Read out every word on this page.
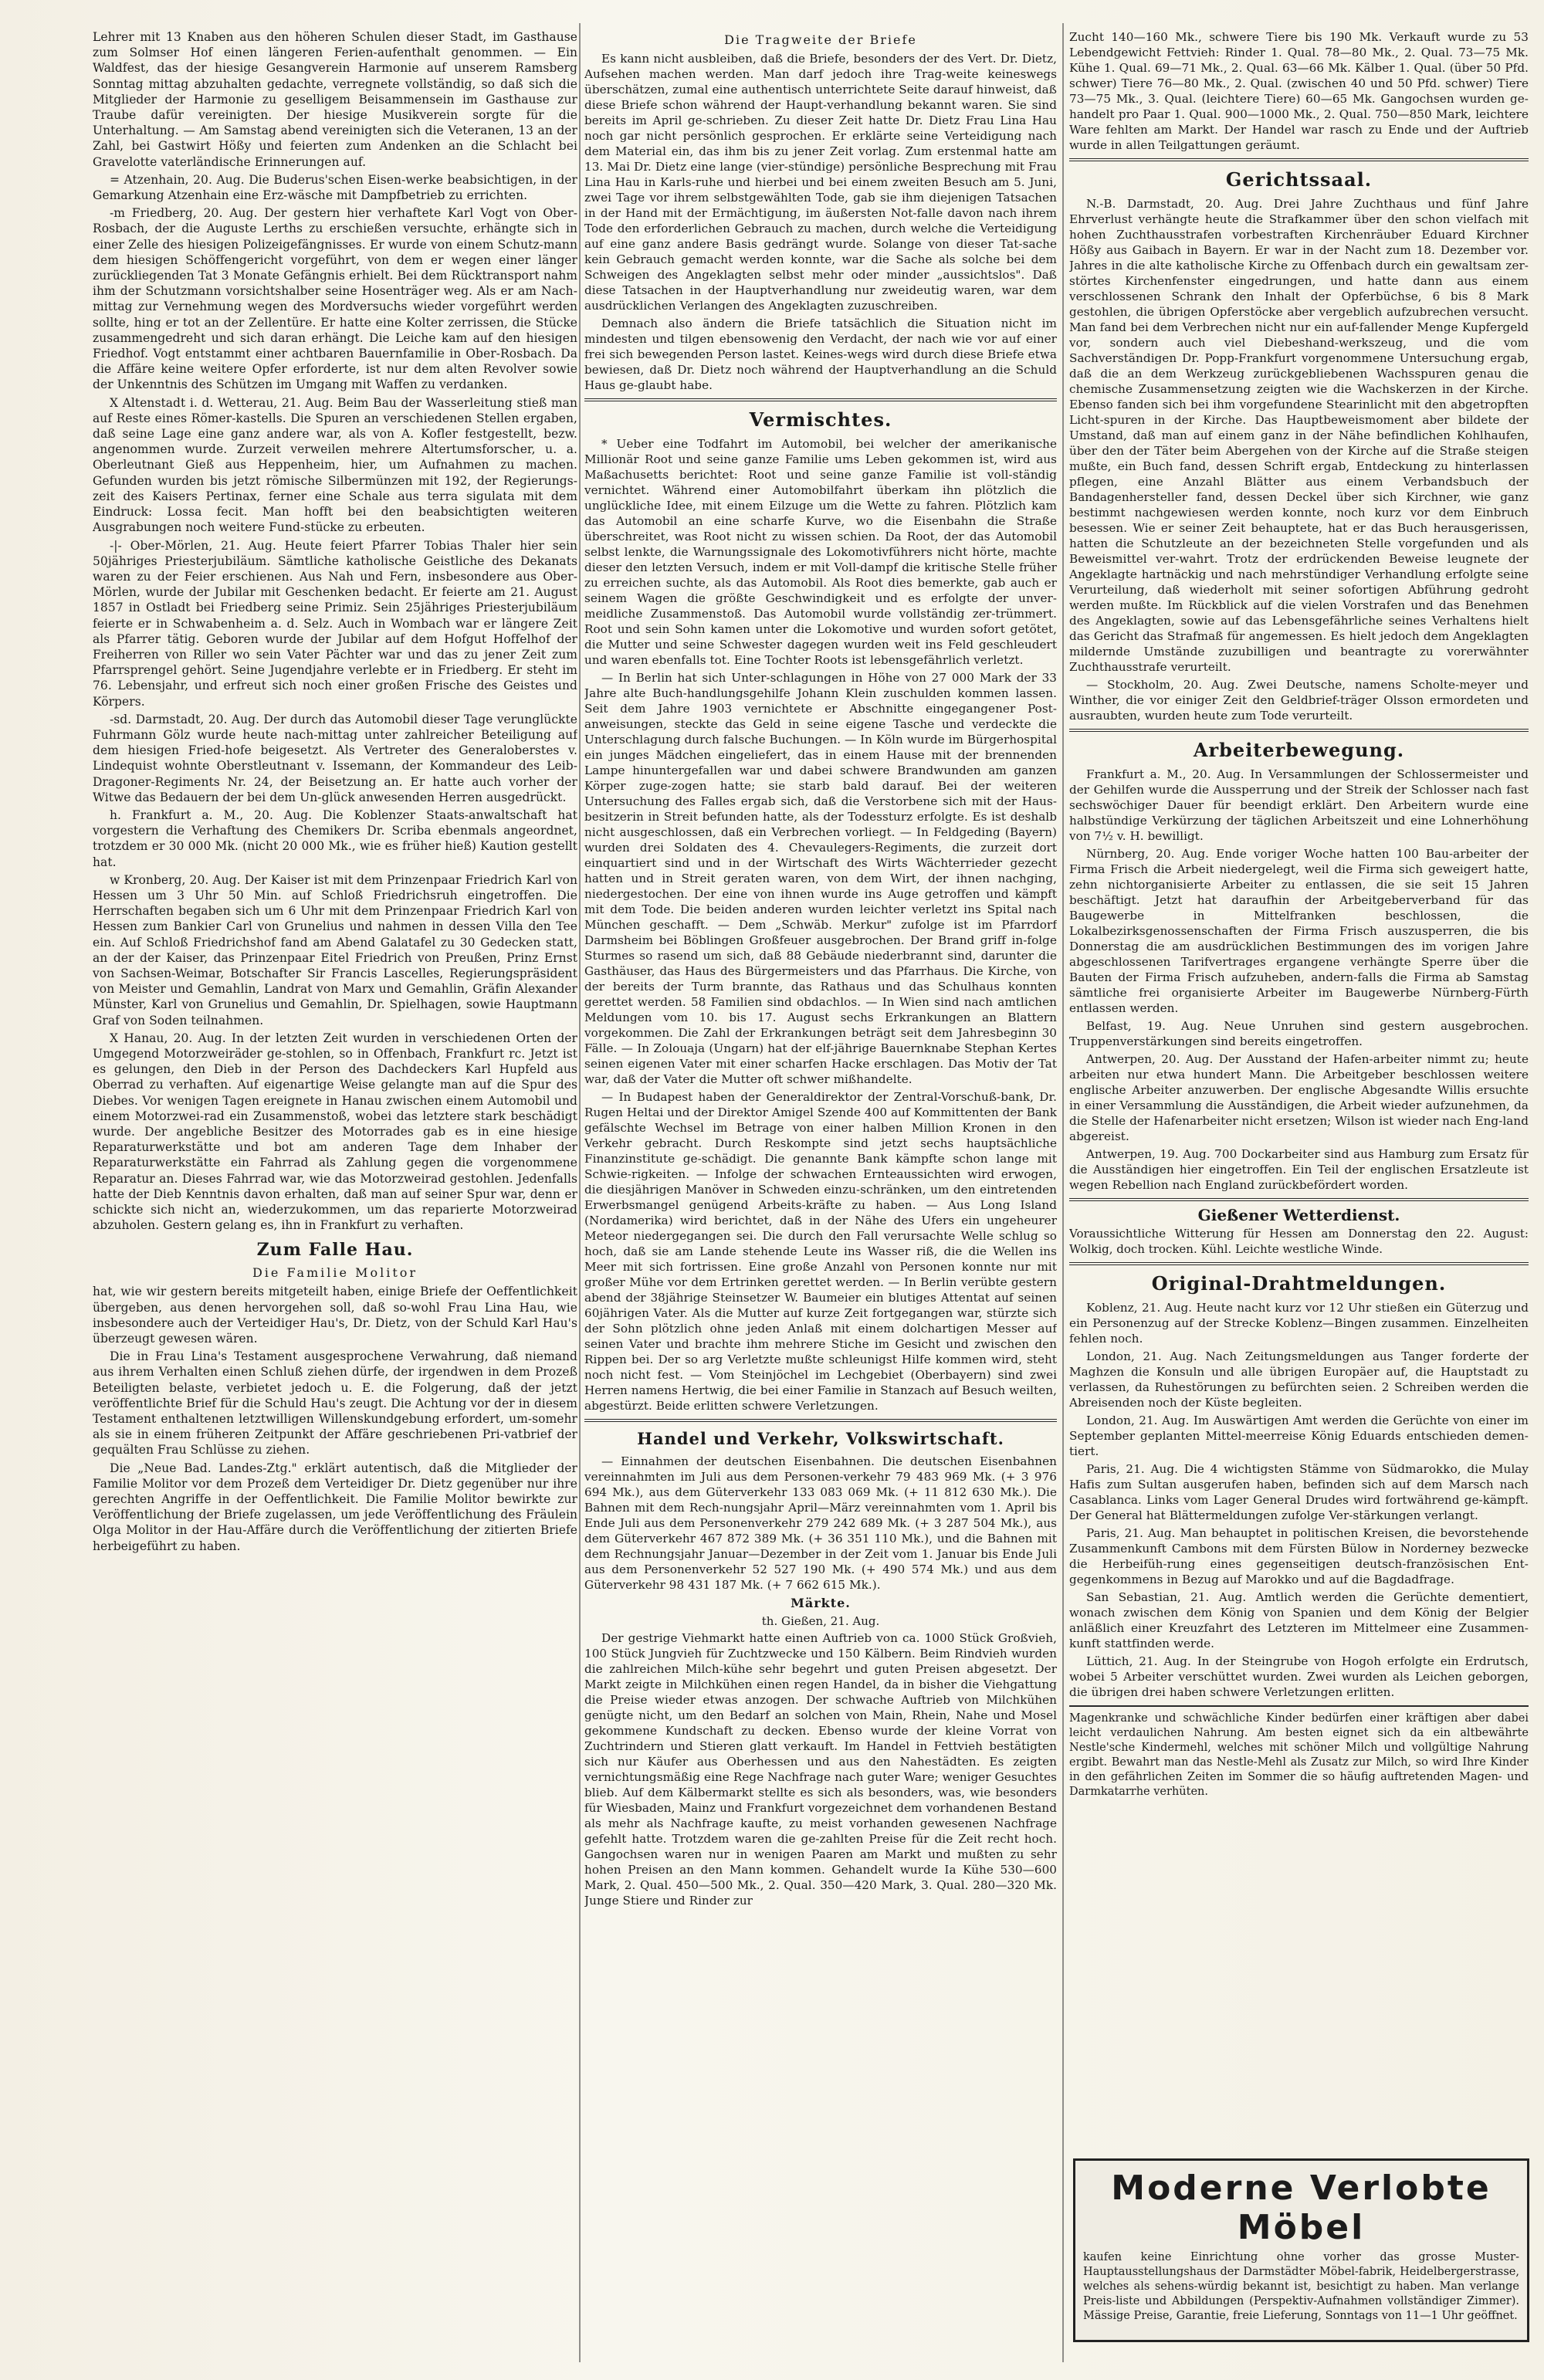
Lehrer mit 13 Knaben aus den höheren Schulen dieser Stadt, im Gasthause zum Solmser Hof einen längeren Ferien-aufenthalt genommen. — Ein Waldfest, das der hiesige Gesangverein Harmonie auf unserem Ramsberg Sonntag mittag abzuhalten gedachte, verregnete vollständig, so daß sich die Mitglieder der Harmonie zu geselligem Beisammensein im Gasthause zur Traube dafür vereinigten. Der hiesige Musikverein sorgte für die Unterhaltung. — Am Samstag abend vereinigten sich die Veteranen, 13 an der Zahl, bei Gastwirt Hößy und feierten zum Andenken an die Schlacht bei Gravelotte vaterländische Erinnerungen auf.

= Atzenhain, 20. Aug. Die Buderus'schen Eisen-werke beabsichtigen, in der Gemarkung Atzenhain eine Erz-wäsche mit Dampfbetrieb zu errichten.

-m Friedberg, 20. Aug. Der gestern hier verhaftete Karl Vogt von Ober-Rosbach, der die Auguste Lerths zu erschießen versuchte, erhängte sich in einer Zelle des hiesigen Polizeigefängnisses. Er wurde von einem Schutz-mann dem hiesigen Schöffengericht vorgeführt, von dem er wegen einer länger zurückliegenden Tat 3 Monate Gefängnis erhielt. Bei dem Rücktransport nahm ihm der Schutzmann vorsichtshalber seine Hosenträger weg. Als er am Nach-mittag zur Vernehmung wegen des Mordversuchs wieder vorgeführt werden sollte, hing er tot an der Zellentüre. Er hatte eine Kolter zerrissen, die Stücke zusammengedreht und sich daran erhängt. Die Leiche kam auf den hiesigen Friedhof. Vogt entstammt einer achtbaren Bauernfamilie in Ober-Rosbach. Da die Affäre keine weitere Opfer erforderte, ist nur dem alten Revolver sowie der Unkenntnis des Schützen im Umgang mit Waffen zu verdanken.

X Altenstadt i. d. Wetterau, 21. Aug. Beim Bau der Wasserleitung stieß man auf Reste eines Römer-kastells. Die Spuren an verschiedenen Stellen ergaben, daß seine Lage eine ganz andere war, als von A. Kofler festgestellt, bezw. angenommen wurde. Zurzeit verweilen mehrere Altertumsforscher, u. a. Oberleutnant Gieß aus Heppenheim, hier, um Aufnahmen zu machen. Gefunden wurden bis jetzt römische Silbermünzen mit 192, der Regierungs-zeit des Kaisers Pertinax, ferner eine Schale aus terra sigulata mit dem Eindruck: Lossa fecit. Man hofft bei den beabsichtigten weiteren Ausgrabungen noch weitere Fund-stücke zu erbeuten.

-|- Ober-Mörlen, 21. Aug. Heute feiert Pfarrer Tobias Thaler hier sein 50jähriges Priesterjubiläum. Sämtliche katholische Geistliche des Dekanats waren zu der Feier erschienen. Aus Nah und Fern, insbesondere aus Ober-Mörlen, wurde der Jubilar mit Geschenken bedacht. Er feierte am 21. August 1857 in Ostladt bei Friedberg seine Primiz. Sein 25jähriges Priesterjubiläum feierte er in Schwabenheim a. d. Selz. Auch in Wombach war er längere Zeit als Pfarrer tätig. Geboren wurde der Jubilar auf dem Hofgut Hoffelhof der Freiherren von Riller wo sein Vater Pächter war und das zu jener Zeit zum Pfarrsprengel gehört. Seine Jugendjahre verlebte er in Friedberg. Er steht im 76. Lebensjahr, und erfreut sich noch einer großen Frische des Geistes und Körpers.

-sd. Darmstadt, 20. Aug. Der durch das Automobil dieser Tage verunglückte Fuhrmann Gölz wurde heute nach-mittag unter zahlreicher Beteiligung auf dem hiesigen Fried-hofe beigesetzt. Als Vertreter des Generaloberstes v. Lindequist wohnte Oberstleutnant v. Issemann, der Kommandeur des Leib-Dragoner-Regiments Nr. 24, der Beisetzung an. Er hatte auch vorher der Witwe das Bedauern der bei dem Un-glück anwesenden Herren ausgedrückt.

h. Frankfurt a. M., 20. Aug. Die Koblenzer Staats-anwaltschaft hat vorgestern die Verhaftung des Chemikers Dr. Scriba ebenmals angeordnet, trotzdem er 30 000 Mk. (nicht 20 000 Mk., wie es früher hieß) Kaution gestellt hat.

w Kronberg, 20. Aug. Der Kaiser ist mit dem Prinzenpaar Friedrich Karl von Hessen um 3 Uhr 50 Min. auf Schloß Friedrichsruh eingetroffen. Die Herrschaften begaben sich um 6 Uhr mit dem Prinzenpaar Friedrich Karl von Hessen zum Bankier Carl von Grunelius und nahmen in dessen Villa den Tee ein. Auf Schloß Friedrichshof fand am Abend Galatafel zu 30 Gedecken statt, an der der Kaiser, das Prinzenpaar Eitel Friedrich von Preußen, Prinz Ernst von Sachsen-Weimar, Botschafter Sir Francis Lascelles, Regierungspräsident von Meister und Gemahlin, Landrat von Marx und Gemahlin, Gräfin Alexander Münster, Karl von Grunelius und Gemahlin, Dr. Spielhagen, sowie Hauptmann Graf von Soden teilnahmen.

X Hanau, 20. Aug. In der letzten Zeit wurden in verschiedenen Orten der Umgegend Motorzweiräder ge-stohlen, so in Offenbach, Frankfurt rc. Jetzt ist es gelungen, den Dieb in der Person des Dachdeckers Karl Hupfeld aus Oberrad zu verhaften. Auf eigenartige Weise gelangte man auf die Spur des Diebes. Vor wenigen Tagen ereignete in Hanau zwischen einem Automobil und einem Motorzwei-rad ein Zusammenstoß, wobei das letztere stark beschädigt wurde. Der angebliche Besitzer des Motorrades gab es in eine hiesige Reparaturwerkstätte und bot am anderen Tage dem Inhaber der Reparaturwerkstätte ein Fahrrad als Zahlung gegen die vorgenommene Reparatur an. Dieses Fahrrad war, wie das Motorzweirad gestohlen. Jedenfalls hatte der Dieb Kenntnis davon erhalten, daß man auf seiner Spur war, denn er schickte sich nicht an, wiederzukommen, um das reparierte Motorzweirad abzuholen. Gestern gelang es, ihn in Frankfurt zu verhaften.

Zum Falle Hau.
Die Familie Molitor

hat, wie wir gestern bereits mitgeteilt haben, einige Briefe der Oeffentlichkeit übergeben, aus denen hervorgehen soll, daß so-wohl Frau Lina Hau, wie insbesondere auch der Verteidiger Hau's, Dr. Dietz, von der Schuld Karl Hau's überzeugt gewesen wären.

Die in Frau Lina's Testament ausgesprochene Verwahrung, daß niemand aus ihrem Verhalten einen Schluß ziehen dürfe, der irgendwen in dem Prozeß Beteiligten belaste, verbietet jedoch u. E. die Folgerung, daß der jetzt veröffentlichte Brief für die Schuld Hau's zeugt. Die Achtung vor der in diesem Testament enthaltenen letztwilligen Willenskundgebung erfordert, um-somehr als sie in einem früheren Zeitpunkt der Affäre geschriebenen Pri-vatbrief der gequälten Frau Schlüsse zu ziehen.

Die „Neue Bad. Landes-Ztg." erklärt autentisch, daß die Mitglieder der Familie Molitor vor dem Prozeß dem Verteidiger Dr. Dietz gegenüber nur ihre gerechten Angriffe in der Oeffentlichkeit. Die Familie Molitor bewirkte zur Veröffentlichung der Briefe zugelassen, um jede Veröffentlichung des Fräulein Olga Molitor in der Hau-Affäre durch die Veröffentlichung der zitierten Briefe herbeigeführt zu haben.

Die Tragweite der Briefe

Es kann nicht ausbleiben, daß die Briefe, besonders der des Vert. Dr. Dietz, Aufsehen machen werden. Man darf jedoch ihre Trag-weite keineswegs überschätzen, zumal eine authentisch unterrichtete Seite darauf hinweist, daß diese Briefe schon während der Haupt-verhandlung bekannt waren. Sie sind bereits im April ge-schrieben. Zu dieser Zeit hatte Dr. Dietz Frau Lina Hau noch gar nicht persönlich gesprochen. Er erklärte seine Verteidigung nach dem Material ein, das ihm bis zu jener Zeit vorlag. Zum erstenmal hatte am 13. Mai Dr. Dietz eine lange (vier-stündige) persönliche Besprechung mit Frau Lina Hau in Karls-ruhe und hierbei und bei einem zweiten Besuch am 5. Juni, zwei Tage vor ihrem selbstgewählten Tode, gab sie ihm diejenigen Tatsachen in der Hand mit der Ermächtigung, im äußersten Not-falle davon nach ihrem Tode den erforderlichen Gebrauch zu machen, durch welche die Verteidigung auf eine ganz andere Basis gedrängt wurde. Solange von dieser Tat-sache kein Gebrauch gemacht werden konnte, war die Sache als solche bei dem Schweigen des Angeklagten selbst mehr oder minder „aussichtslos". Daß diese Tatsachen in der Hauptverhandlung nur zweideutig waren, war dem ausdrücklichen Verlangen des Angeklagten zuzuschreiben.

Demnach also ändern die Briefe tatsächlich die Situation nicht im mindesten und tilgen ebensowenig den Verdacht, der nach wie vor auf einer frei sich bewegenden Person lastet. Keines-wegs wird durch diese Briefe etwa bewiesen, daß Dr. Dietz noch während der Hauptverhandlung an die Schuld Haus ge-glaubt habe.

Vermischtes.

* Ueber eine Todfahrt im Automobil, bei welcher der amerikanische Millionär Root und seine ganze Familie ums Leben gekommen ist, wird aus Maßachusetts berichtet: Root und seine ganze Familie ist voll-ständig vernichtet. Während einer Automobilfahrt überkam ihn plötzlich die unglückliche Idee, mit einem Eilzuge um die Wette zu fahren. Plötzlich kam das Automobil an eine scharfe Kurve, wo die Eisenbahn die Straße überschreitet, was Root nicht zu wissen schien. Da Root, der das Automobil selbst lenkte, die Warnungssignale des Lokomotivführers nicht hörte, machte dieser den letzten Versuch, indem er mit Voll-dampf die kritische Stelle früher zu erreichen suchte, als das Automobil. Als Root dies bemerkte, gab auch er seinem Wagen die größte Geschwindigkeit und es erfolgte der unver-meidliche Zusammenstoß. Das Automobil wurde vollständig zer-trümmert. Root und sein Sohn kamen unter die Lokomotive und wurden sofort getötet, die Mutter und seine Schwester dagegen wurden weit ins Feld geschleudert und waren ebenfalls tot. Eine Tochter Roots ist lebensgefährlich verletzt.

— In Berlin hat sich Unter-schlagungen in Höhe von 27 000 Mark der 33 Jahre alte Buch-handlungsgehilfe Johann Klein zuschulden kommen lassen. Seit dem Jahre 1903 vernichtete er Abschnitte eingegangener Post-anweisungen, steckte das Geld in seine eigene Tasche und verdeckte die Unterschlagung durch falsche Buchungen. — In Köln wurde im Bürgerhospital ein junges Mädchen eingeliefert, das in einem Hause mit der brennenden Lampe hinuntergefallen war und dabei schwere Brandwunden am ganzen Körper zuge-zogen hatte; sie starb bald darauf. Bei der weiteren Untersuchung des Falles ergab sich, daß die Verstorbene sich mit der Haus-besitzerin in Streit befunden hatte, als der Todessturz erfolgte. Es ist deshalb nicht ausgeschlossen, daß ein Verbrechen vorliegt. — In Feldgeding (Bayern) wurden drei Soldaten des 4. Chevaulegers-Regiments, die zurzeit dort einquartiert sind und in der Wirtschaft des Wirts Wächterrieder gezecht hatten und in Streit geraten waren, von dem Wirt, der ihnen nachging, niedergestochen. Der eine von ihnen wurde ins Auge getroffen und kämpft mit dem Tode. Die beiden anderen wurden leichter verletzt ins Spital nach München geschafft. — Dem „Schwäb. Merkur" zufolge ist im Pfarrdorf Darmsheim bei Böblingen Großfeuer ausgebrochen. Der Brand griff in-folge Sturmes so rasend um sich, daß 88 Gebäude niederbrannt sind, darunter die Gasthäuser, das Haus des Bürgermeisters und das Pfarrhaus. Die Kirche, von der bereits der Turm brannte, das Rathaus und das Schulhaus konnten gerettet werden. 58 Familien sind obdachlos. — In Wien sind nach amtlichen Meldungen vom 10. bis 17. August sechs Erkrankungen an Blattern vorgekommen. Die Zahl der Erkrankungen beträgt seit dem Jahresbeginn 30 Fälle. — In Zolouaja (Ungarn) hat der elf-jährige Bauernknabe Stephan Kertes seinen eigenen Vater mit einer scharfen Hacke erschlagen. Das Motiv der Tat war, daß der Vater die Mutter oft schwer mißhandelte.

— In Budapest haben der Generaldirektor der Zentral-Vorschuß-bank, Dr. Rugen Heltai und der Direktor Amigel Szende 400 auf Kommittenten der Bank gefälschte Wechsel im Betrage von einer halben Million Kronen in den Verkehr gebracht. Durch Reskompte sind jetzt sechs hauptsächliche Finanzinstitute ge-schädigt. Die genannte Bank kämpfte schon lange mit Schwie-rigkeiten. — Infolge der schwachen Ernteaussichten wird erwogen, die diesjährigen Manöver in Schweden einzu-schränken, um den eintretenden Erwerbsmangel genügend Arbeits-kräfte zu haben. — Aus Long Island (Nordamerika) wird berichtet, daß in der Nähe des Ufers ein ungeheurer Meteor niedergegangen sei. Die durch den Fall verursachte Welle schlug so hoch, daß sie am Lande stehende Leute ins Wasser riß, die die Wellen ins Meer mit sich fortrissen. Eine große Anzahl von Personen konnte nur mit großer Mühe vor dem Ertrinken gerettet werden. — In Berlin verübte gestern abend der 38jährige Steinsetzer W. Baumeier ein blutiges Attentat auf seinen 60jährigen Vater. Als die Mutter auf kurze Zeit fortgegangen war, stürzte sich der Sohn plötzlich ohne jeden Anlaß mit einem dolchartigen Messer auf seinen Vater und brachte ihm mehrere Stiche im Gesicht und zwischen den Rippen bei. Der so arg Verletzte mußte schleunigst Hilfe kommen wird, steht noch nicht fest. — Vom Steinjöchel im Lechgebiet (Oberbayern) sind zwei Herren namens Hertwig, die bei einer Familie in Stanzach auf Besuch weilten, abgestürzt. Beide erlitten schwere Verletzungen.

Handel und Verkehr, Volkswirtschaft.

— Einnahmen der deutschen Eisenbahnen. Die deutschen Eisenbahnen vereinnahmten im Juli aus dem Personen-verkehr 79 483 969 Mk. (+ 3 976 694 Mk.), aus dem Güterverkehr 133 083 069 Mk. (+ 11 812 630 Mk.). Die Bahnen mit dem Rech-nungsjahr April—März vereinnahmten vom 1. April bis Ende Juli aus dem Personenverkehr 279 242 689 Mk. (+ 3 287 504 Mk.), aus dem Güterverkehr 467 872 389 Mk. (+ 36 351 110 Mk.), und die Bahnen mit dem Rechnungsjahr Januar—Dezember in der Zeit vom 1. Januar bis Ende Juli aus dem Personenverkehr 52 527 190 Mk. (+ 490 574 Mk.) und aus dem Güterverkehr 98 431 187 Mk. (+ 7 662 615 Mk.).

Märkte.
th. Gießen, 21. Aug.

Der gestrige Viehmarkt hatte einen Auftrieb von ca. 1000 Stück Großvieh, 100 Stück Jungvieh für Zuchtzwecke und 150 Kälbern. Beim Rindvieh wurden die zahlreichen Milch-kühe sehr begehrt und guten Preisen abgesetzt. Der Markt zeigte in Milchkühen einen regen Handel, da in bisher die Viehgattung die Preise wieder etwas anzogen. Der schwache Auftrieb von Milchkühen genügte nicht, um den Bedarf an solchen von Main, Rhein, Nahe und Mosel gekommene Kundschaft zu decken. Ebenso wurde der kleine Vorrat von Zuchtrindern und Stieren glatt verkauft. Im Handel in Fettvieh bestätigten sich nur Käufer aus Oberhessen und aus den Nahestädten. Es zeigten vernichtungsmäßig eine Rege Nachfrage nach guter Ware; weniger Gesuchtes blieb. Auf dem Kälbermarkt stellte es sich als besonders, was, wie besonders für Wiesbaden, Mainz und Frankfurt vorgezeichnet dem vorhandenen Bestand als mehr als Nachfrage kaufte, zu meist vorhanden gewesenen Nachfrage gefehlt hatte. Trotzdem waren die ge-zahlten Preise für die Zeit recht hoch. Gangochsen waren nur in wenigen Paaren am Markt und mußten zu sehr hohen Preisen an den Mann kommen. Gehandelt wurde Ia Kühe 530—600 Mark, 2. Qual. 450—500 Mk., 2. Qual. 350—420 Mark, 3. Qual. 280—320 Mk. Junge Stiere und Rinder zur

Zucht 140—160 Mk., schwere Tiere bis 190 Mk. Verkauft wurde zu 53 Lebendgewicht Fettvieh: Rinder 1. Qual. 78—80 Mk., 2. Qual. 73—75 Mk. Kühe 1. Qual. 69—71 Mk., 2. Qual. 63—66 Mk. Kälber 1. Qual. (über 50 Pfd. schwer) Tiere 76—80 Mk., 2. Qual. (zwischen 40 und 50 Pfd. schwer) Tiere 73—75 Mk., 3. Qual. (leichtere Tiere) 60—65 Mk. Gangochsen wurden ge-handelt pro Paar 1. Qual. 900—1000 Mk., 2. Qual. 750—850 Mark, leichtere Ware fehlten am Markt. Der Handel war rasch zu Ende und der Auftrieb wurde in allen Teilgattungen geräumt.

Gerichtssaal.

N.-B. Darmstadt, 20. Aug. Drei Jahre Zuchthaus und fünf Jahre Ehrverlust verhängte heute die Strafkammer über den schon vielfach mit hohen Zuchthausstrafen vorbestraften Kirchenräuber Eduard Kirchner Hößy aus Gaibach in Bayern. Er war in der Nacht zum 18. Dezember vor. Jahres in die alte katholische Kirche zu Offenbach durch ein gewaltsam zer-störtes Kirchenfenster eingedrungen, und hatte dann aus einem verschlossenen Schrank den Inhalt der Opferbüchse, 6 bis 8 Mark gestohlen, die übrigen Opferstöcke aber vergeblich aufzubrechen versucht. Man fand bei dem Verbrechen nicht nur ein auf-fallender Menge Kupfergeld vor, sondern auch viel Diebeshand-werkszeug, und die vom Sachverständigen Dr. Popp-Frankfurt vorgenommene Untersuchung ergab, daß die an dem Werkzeug zurückgebliebenen Wachsspuren genau die chemische Zusammensetzung zeigten wie die Wachskerzen in der Kirche. Ebenso fanden sich bei ihm vorgefundene Stearinlicht mit den abgetropften Licht-spuren in der Kirche. Das Hauptbeweismoment aber bildete der Umstand, daß man auf einem ganz in der Nähe befindlichen Kohlhaufen, über den der Täter beim Abergehen von der Kirche auf die Straße steigen mußte, ein Buch fand, dessen Schrift ergab, Entdeckung zu hinterlassen pflegen, eine Anzahl Blätter aus einem Verbandsbuch der Bandagenhersteller fand, dessen Deckel über sich Kirchner, wie ganz bestimmt nachgewiesen werden konnte, noch kurz vor dem Einbruch besessen. Wie er seiner Zeit behauptete, hat er das Buch herausgerissen, hatten die Schutzleute an der bezeichneten Stelle vorgefunden und als Beweismittel ver-wahrt. Trotz der erdrückenden Beweise leugnete der Angeklagte hartnäckig und nach mehrstündiger Verhandlung erfolgte seine Verurteilung, daß wiederholt mit seiner sofortigen Abführung gedroht werden mußte. Im Rückblick auf die vielen Vorstrafen und das Benehmen des Angeklagten, sowie auf das Lebensgefährliche seines Verhaltens hielt das Gericht das Strafmaß für angemessen. Es hielt jedoch dem Angeklagten mildernde Umstände zuzubilligen und beantragte zu vorerwähnter Zuchthausstrafe verurteilt.

— Stockholm, 20. Aug. Zwei Deutsche, namens Scholte-meyer und Winther, die vor einiger Zeit den Geldbrief-träger Olsson ermordeten und ausraubten, wurden heute zum Tode verurteilt.

Arbeiterbewegung.

Frankfurt a. M., 20. Aug. In Versammlungen der Schlossermeister und der Gehilfen wurde die Aussperrung und der Streik der Schlosser nach fast sechswöchiger Dauer für beendigt erklärt. Den Arbeitern wurde eine halbstündige Verkürzung der täglichen Arbeitszeit und eine Lohnerhöhung von 7½ v. H. bewilligt.

Nürnberg, 20. Aug. Ende voriger Woche hatten 100 Bau-arbeiter der Firma Frisch die Arbeit niedergelegt, weil die Firma sich geweigert hatte, zehn nichtorganisierte Arbeiter zu entlassen, die sie seit 15 Jahren beschäftigt. Jetzt hat daraufhin der Arbeitgeberverband für das Baugewerbe in Mittelfranken beschlossen, die Lokalbezirksgenossenschaften der Firma Frisch auszusperren, die bis Donnerstag die am ausdrücklichen Bestimmungen des im vorigen Jahre abgeschlossenen Tarifvertrages ergangene verhängte Sperre über die Bauten der Firma Frisch aufzuheben, andern-falls die Firma ab Samstag sämtliche frei organisierte Arbeiter im Baugewerbe Nürnberg-Fürth entlassen werden.

Belfast, 19. Aug. Neue Unruhen sind gestern ausgebrochen. Truppenverstärkungen sind bereits eingetroffen.

Antwerpen, 20. Aug. Der Ausstand der Hafen-arbeiter nimmt zu; heute arbeiten nur etwa hundert Mann. Die Arbeitgeber beschlossen weitere englische Arbeiter anzuwerben. Der englische Abgesandte Willis ersuchte in einer Versammlung die Ausständigen, die Arbeit wieder aufzunehmen, da die Stelle der Hafenarbeiter nicht ersetzen; Wilson ist wieder nach Eng-land abgereist.

Antwerpen, 19. Aug. 700 Dockarbeiter sind aus Hamburg zum Ersatz für die Ausständigen hier eingetroffen. Ein Teil der englischen Ersatzleute ist wegen Rebellion nach England zurückbefördert worden.

Gießener Wetterdienst.
Voraussichtliche Witterung für Hessen am Donnerstag den 22. August: Wolkig, doch trocken. Kühl. Leichte westliche Winde.
Original-Drahtmeldungen.

Koblenz, 21. Aug. Heute nacht kurz vor 12 Uhr stießen ein Güterzug und ein Personenzug auf der Strecke Koblenz—Bingen zusammen. Einzelheiten fehlen noch.

London, 21. Aug. Nach Zeitungsmeldungen aus Tanger forderte der Maghzen die Konsuln und alle übrigen Europäer auf, die Hauptstadt zu verlassen, da Ruhestörungen zu befürchten seien. 2 Schreiben werden die Abreisenden noch der Küste begleiten.

London, 21. Aug. Im Auswärtigen Amt werden die Gerüchte von einer im September geplanten Mittel-meerreise König Eduards entschieden demen-tiert.

Paris, 21. Aug. Die 4 wichtigsten Stämme von Südmarokko, die Mulay Hafis zum Sultan ausgerufen haben, befinden sich auf dem Marsch nach Casablanca. Links vom Lager General Drudes wird fortwährend ge-kämpft. Der General hat Blättermeldungen zufolge Ver-stärkungen verlangt.

Paris, 21. Aug. Man behauptet in politischen Kreisen, die bevorstehende Zusammenkunft Cambons mit dem Fürsten Bülow in Norderney bezwecke die Herbeifüh-rung eines gegenseitigen deutsch-französischen Ent-gegenkommens in Bezug auf Marokko und auf die Bagdadfrage.

San Sebastian, 21. Aug. Amtlich werden die Gerüchte dementiert, wonach zwischen dem König von Spanien und dem König der Belgier anläßlich einer Kreuzfahrt des Letzteren im Mittelmeer eine Zusammen-kunft stattfinden werde.

Lüttich, 21. Aug. In der Steingrube von Hogoh erfolgte ein Erdrutsch, wobei 5 Arbeiter verschüttet wurden. Zwei wurden als Leichen geborgen, die übrigen drei haben schwere Verletzungen erlitten.

Magenkranke und schwächliche Kinder bedürfen einer kräftigen aber dabei leicht verdaulichen Nahrung. Am besten eignet sich da ein altbewährte Nestle'sche Kindermehl, welches mit schöner Milch und vollgültige Nahrung ergibt. Bewahrt man das Nestle-Mehl als Zusatz zur Milch, so wird Ihre Kinder in den gefährlichen Zeiten im Sommer die so häufig auftretenden Magen- und Darmkatarrhe verhüten.
Moderne Verlobte Möbel
kaufen keine Einrichtung ohne vorher das grosse Muster-Hauptausstellungshaus der Darmstädter Möbel-fabrik, Heidelbergerstrasse, welches als sehens-würdig bekannt ist, besichtigt zu haben. Man verlange Preis-liste und Abbildungen (Perspektiv-Aufnahmen vollständiger Zimmer). Mässige Preise, Garantie, freie Lieferung, Sonntags von 11—1 Uhr geöffnet.
